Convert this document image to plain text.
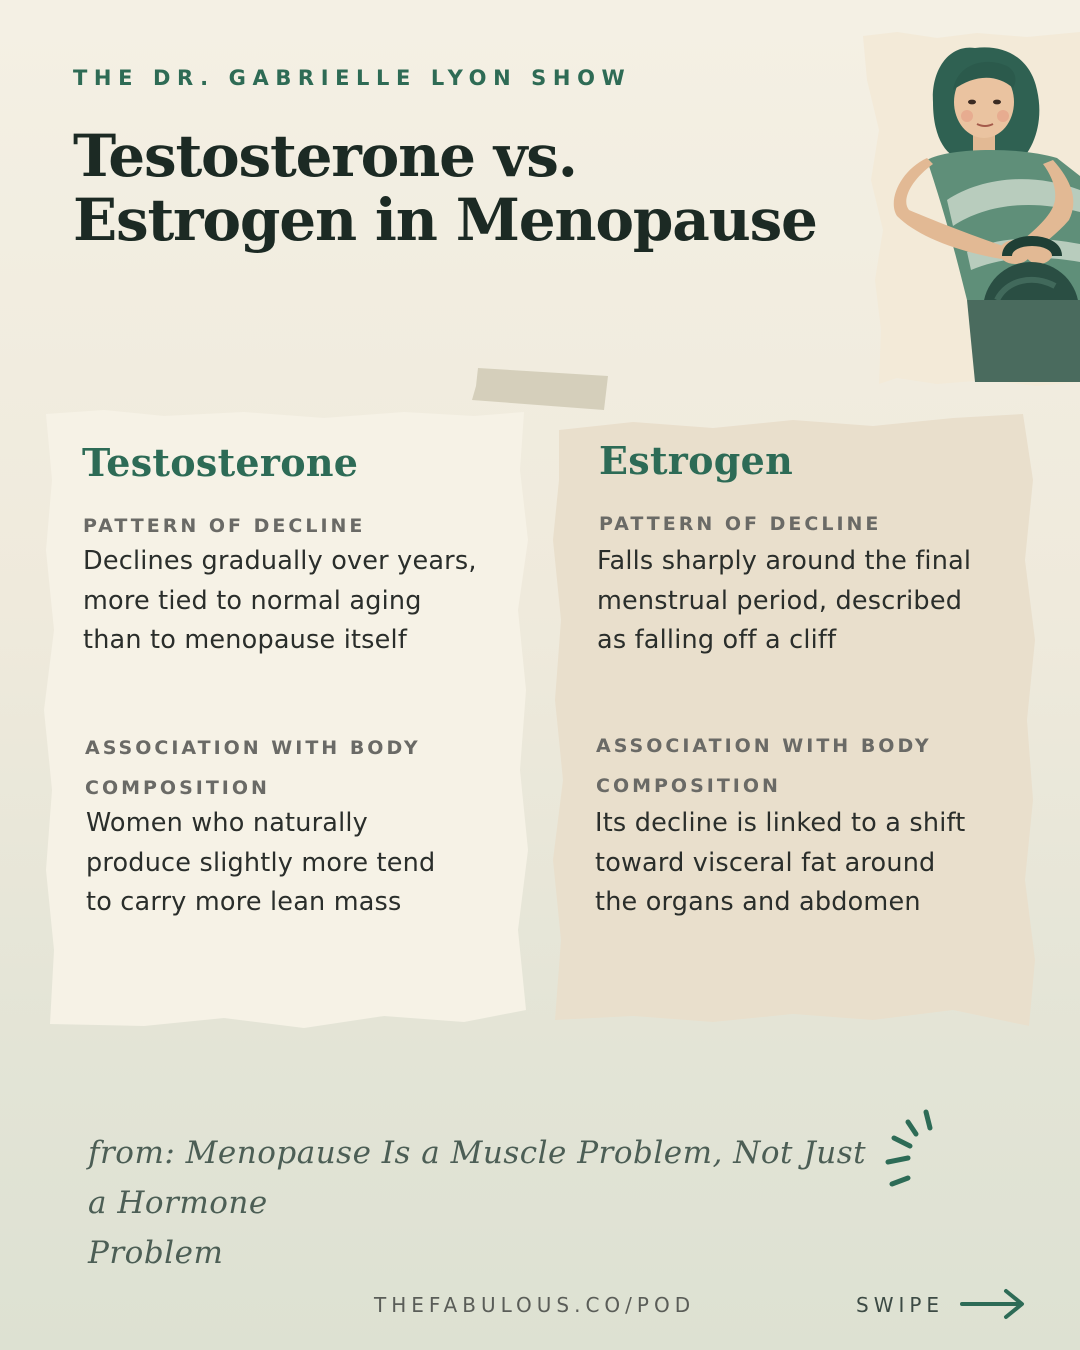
THE DR. GABRIELLE LYON SHOW
Testosterone vs.
Estrogen in Menopause
Testosterone
PATTERN OF DECLINE
Declines gradually over years,
more tied to normal aging
than to menopause itself
ASSOCIATION WITH BODY
COMPOSITION
Women who naturally
produce slightly more tend
to carry more lean mass
Estrogen
PATTERN OF DECLINE
Falls sharply around the final
menstrual period, described
as falling off a cliff
ASSOCIATION WITH BODY
COMPOSITION
Its decline is linked to a shift
toward visceral fat around
the organs and abdomen
from: Menopause Is a Muscle Problem, Not Just a Hormone
Problem
THEFABULOUS.CO/POD	SWIPE
